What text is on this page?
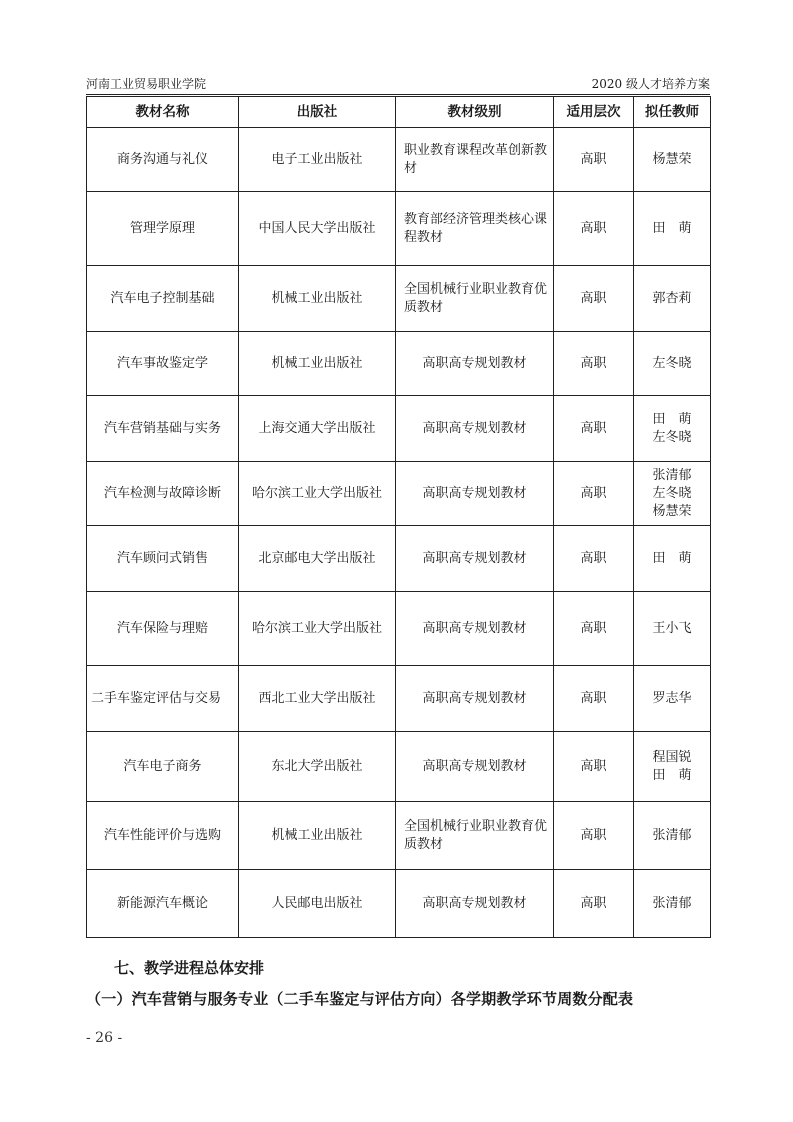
河南工业贸易职业学院	2020 级人才培养方案
教材名称	出版社	教材级别	适用层次	拟任教师
商务沟通与礼仪	电子工业出版社	职业教育课程改革创新教材	高职	杨慧荣

管理学原理	中国人民大学出版社	教育部经济管理类核心课程教材	高职	田　萌

汽车电子控制基础	机械工业出版社	全国机械行业职业教育优质教材	高职	郭杏莉

汽车事故鉴定学	机械工业出版社	高职高专规划教材	高职	左冬晓

汽车营销基础与实务	上海交通大学出版社	高职高专规划教材	高职	田　萌
左冬晓

汽车检测与故障诊断	哈尔滨工业大学出版社	高职高专规划教材	高职	张清郁
左冬晓
杨慧荣

汽车顾问式销售	北京邮电大学出版社	高职高专规划教材	高职	田　萌

汽车保险与理赔	哈尔滨工业大学出版社	高职高专规划教材	高职	王小飞

二手车鉴定评估与交易	西北工业大学出版社	高职高专规划教材	高职	罗志华

汽车电子商务	东北大学出版社	高职高专规划教材	高职	程国锐
田　萌

汽车性能评价与选购	机械工业出版社	全国机械行业职业教育优质教材	高职	张清郁

新能源汽车概论	人民邮电出版社	高职高专规划教材	高职	张清郁
七、教学进程总体安排
（一）汽车营销与服务专业（二手车鉴定与评估方向）各学期教学环节周数分配表
- 26 -
